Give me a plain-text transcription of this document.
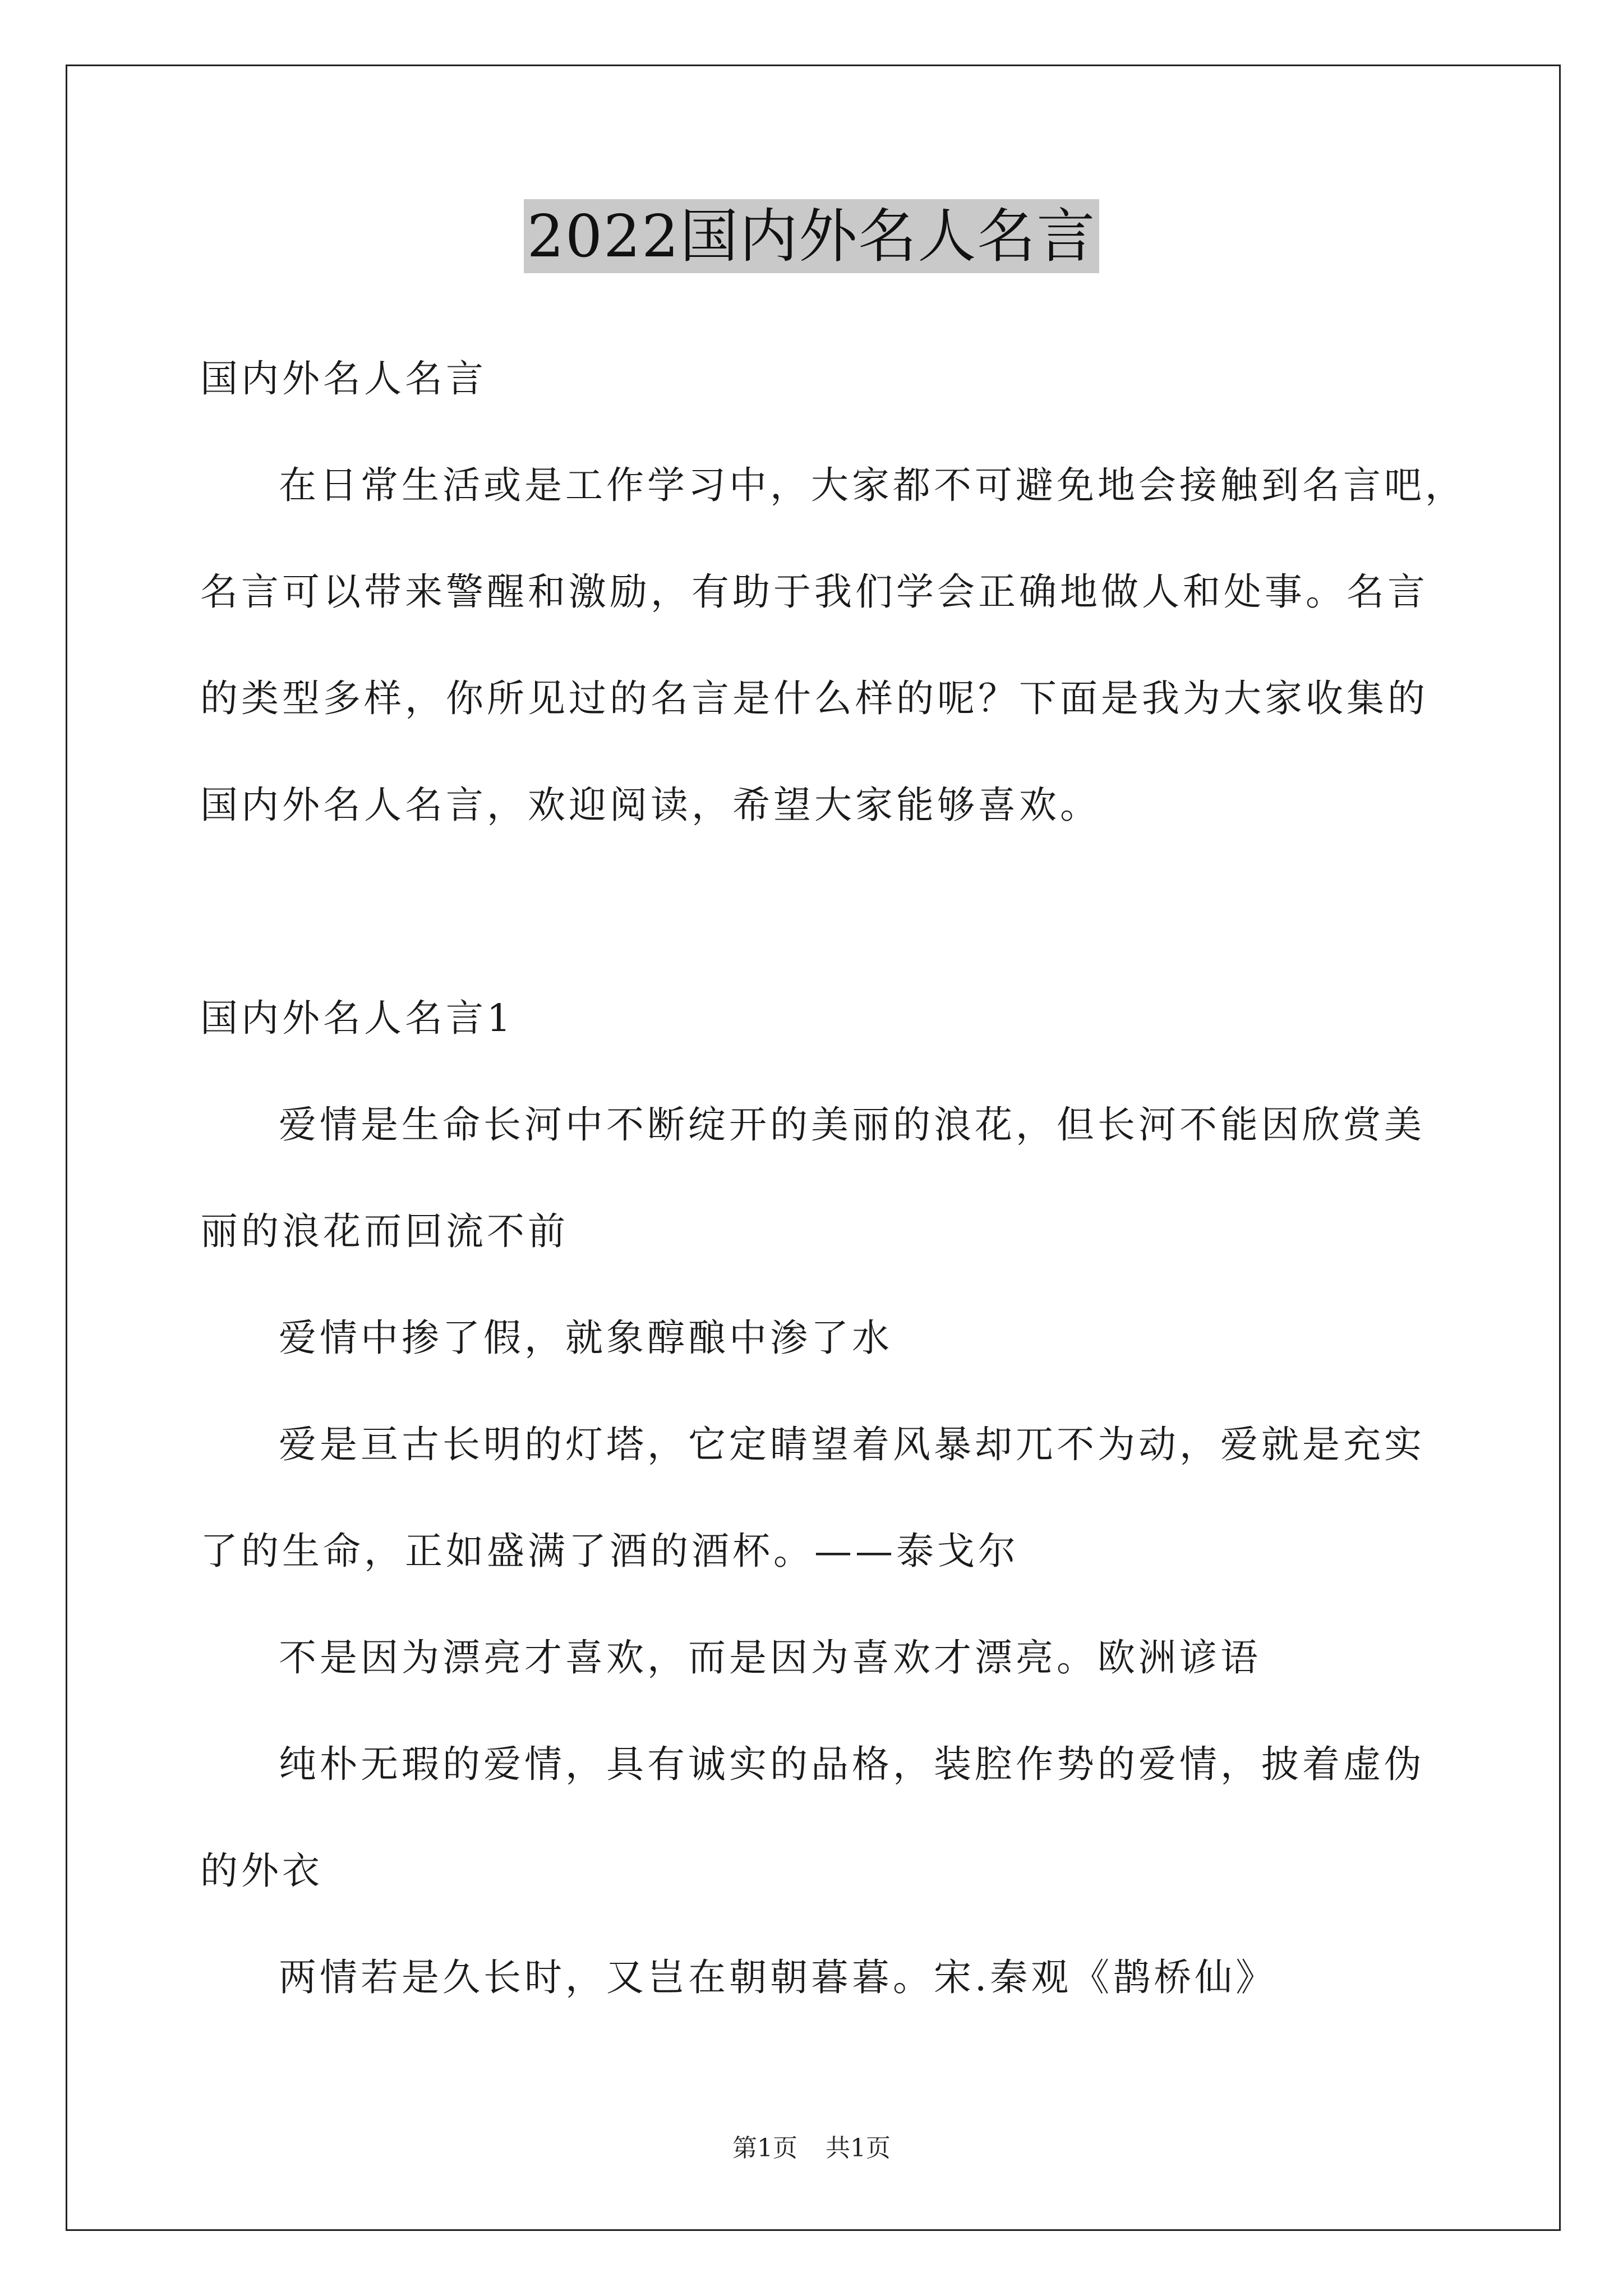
2022国内外名人名言
国内外名人名言
在日常生活或是工作学习中，大家都不可避免地会接触到名言吧，
名言可以带来警醒和激励，有助于我们学会正确地做人和处事。名言
的类型多样，你所见过的名言是什么样的呢？下面是我为大家收集的
国内外名人名言，欢迎阅读，希望大家能够喜欢。
国内外名人名言1
爱情是生命长河中不断绽开的美丽的浪花，但长河不能因欣赏美
丽的浪花而回流不前
爱情中掺了假，就象醇酿中渗了水
爱是亘古长明的灯塔，它定睛望着风暴却兀不为动，爱就是充实
了的生命，正如盛满了酒的酒杯。——泰戈尔
不是因为漂亮才喜欢，而是因为喜欢才漂亮。欧洲谚语
纯朴无瑕的爱情，具有诚实的品格，装腔作势的爱情，披着虚伪
的外衣
两情若是久长时，又岂在朝朝暮暮。宋.秦观《鹊桥仙》
第1页 共1页
